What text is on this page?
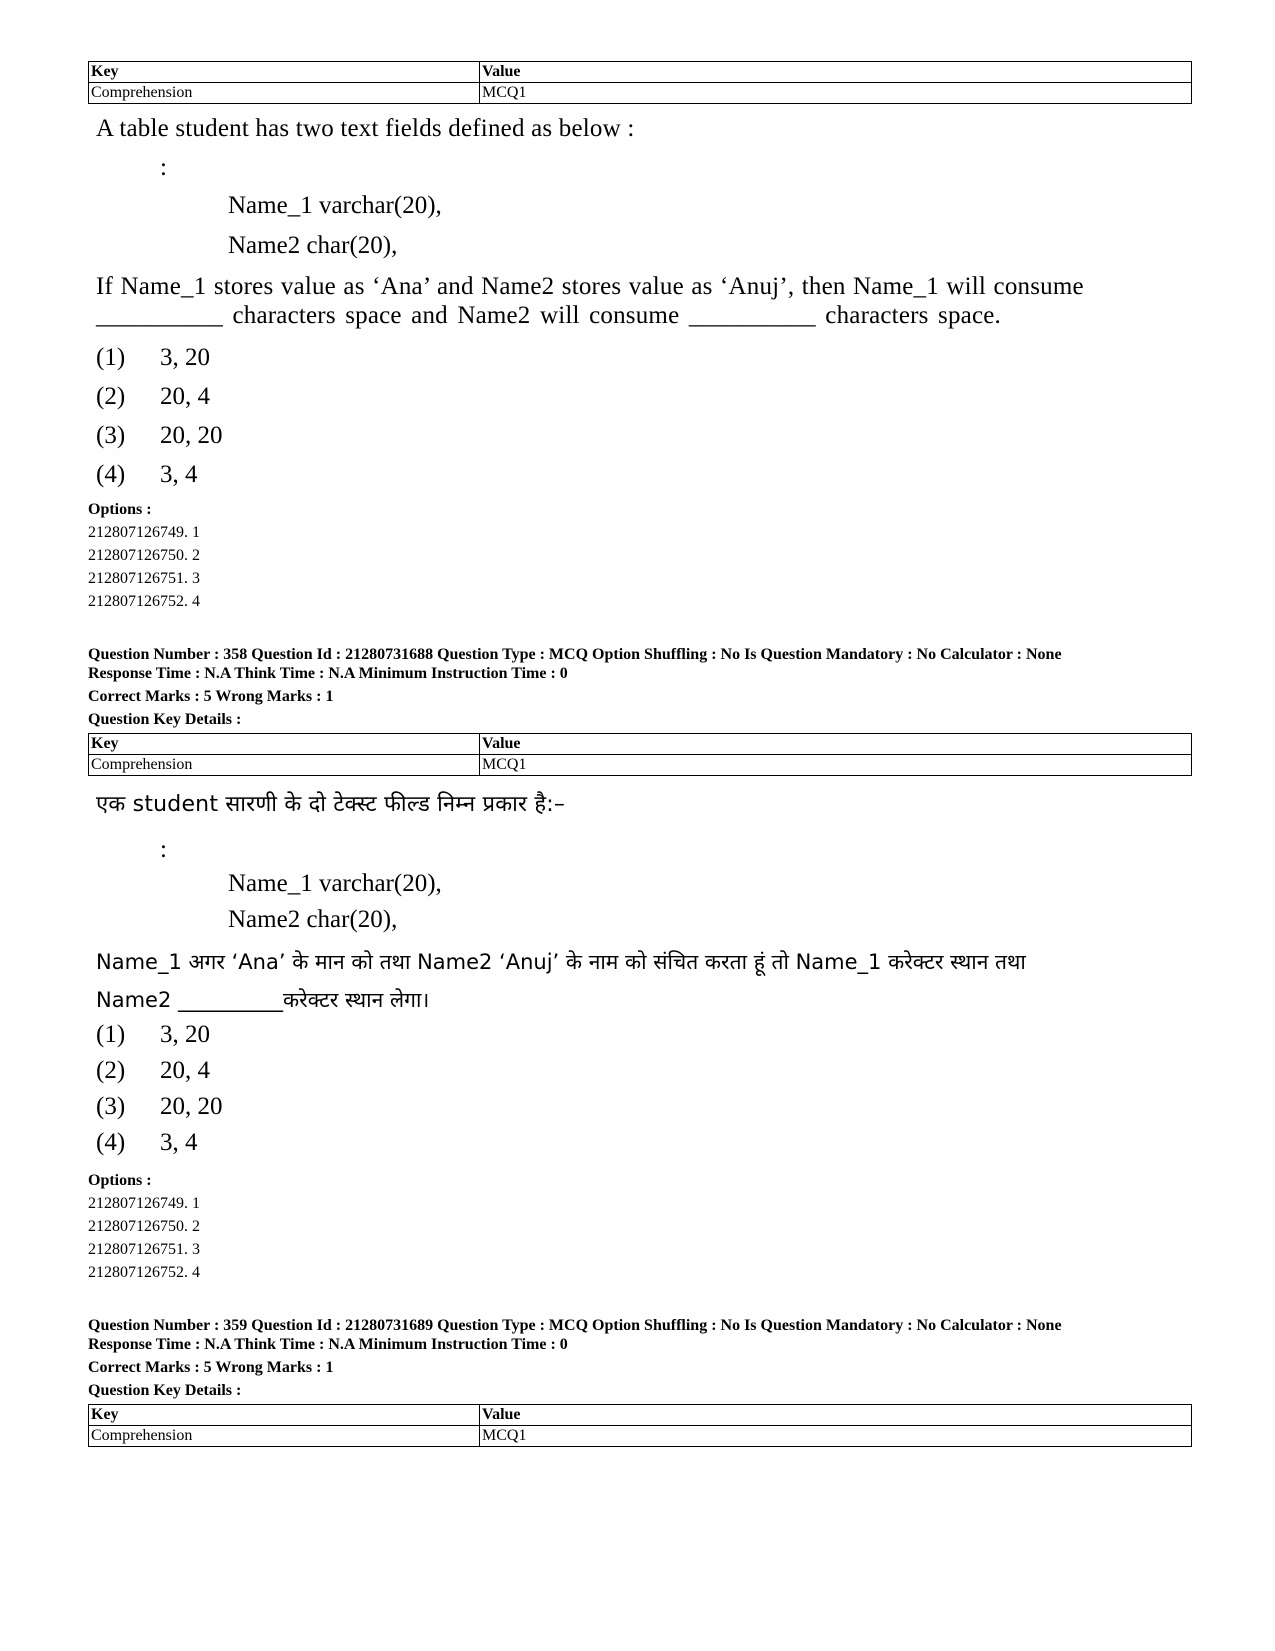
Key	Value
Comprehension	MCQ1
A table student has two text fields defined as below :
:
Name_1 varchar(20),
Name2 char(20),
If Name_1 stores value as ‘Ana’ and Name2 stores value as ‘Anuj’, then Name_1 will consume
__________ characters space and Name2 will consume __________ characters space.
(1) 3, 20
(2) 20, 4
(3) 20, 20
(4) 3, 4
Options :
212807126749. 1
212807126750. 2
212807126751. 3
212807126752. 4
Question Number : 358 Question Id : 21280731688 Question Type : MCQ Option Shuffling : No Is Question Mandatory : No Calculator : None
Response Time : N.A Think Time : N.A Minimum Instruction Time : 0
Correct Marks : 5 Wrong Marks : 1
Question Key Details :
Key	Value
Comprehension	MCQ1
एक student सारणी के दो टेक्स्ट फील्ड निम्न प्रकार है:–
:
Name_1 varchar(20),
Name2 char(20),
Name_1 अगर ‘Ana’ के मान को तथा Name2 ‘Anuj’ के नाम को संचित करता हूं तो Name_1 करेक्टर स्थान तथा
Name2 __________करेक्टर स्थान लेगा।
(1) 3, 20
(2) 20, 4
(3) 20, 20
(4) 3, 4
Options :
212807126749. 1
212807126750. 2
212807126751. 3
212807126752. 4
Question Number : 359 Question Id : 21280731689 Question Type : MCQ Option Shuffling : No Is Question Mandatory : No Calculator : None
Response Time : N.A Think Time : N.A Minimum Instruction Time : 0
Correct Marks : 5 Wrong Marks : 1
Question Key Details :
Key	Value
Comprehension	MCQ1
